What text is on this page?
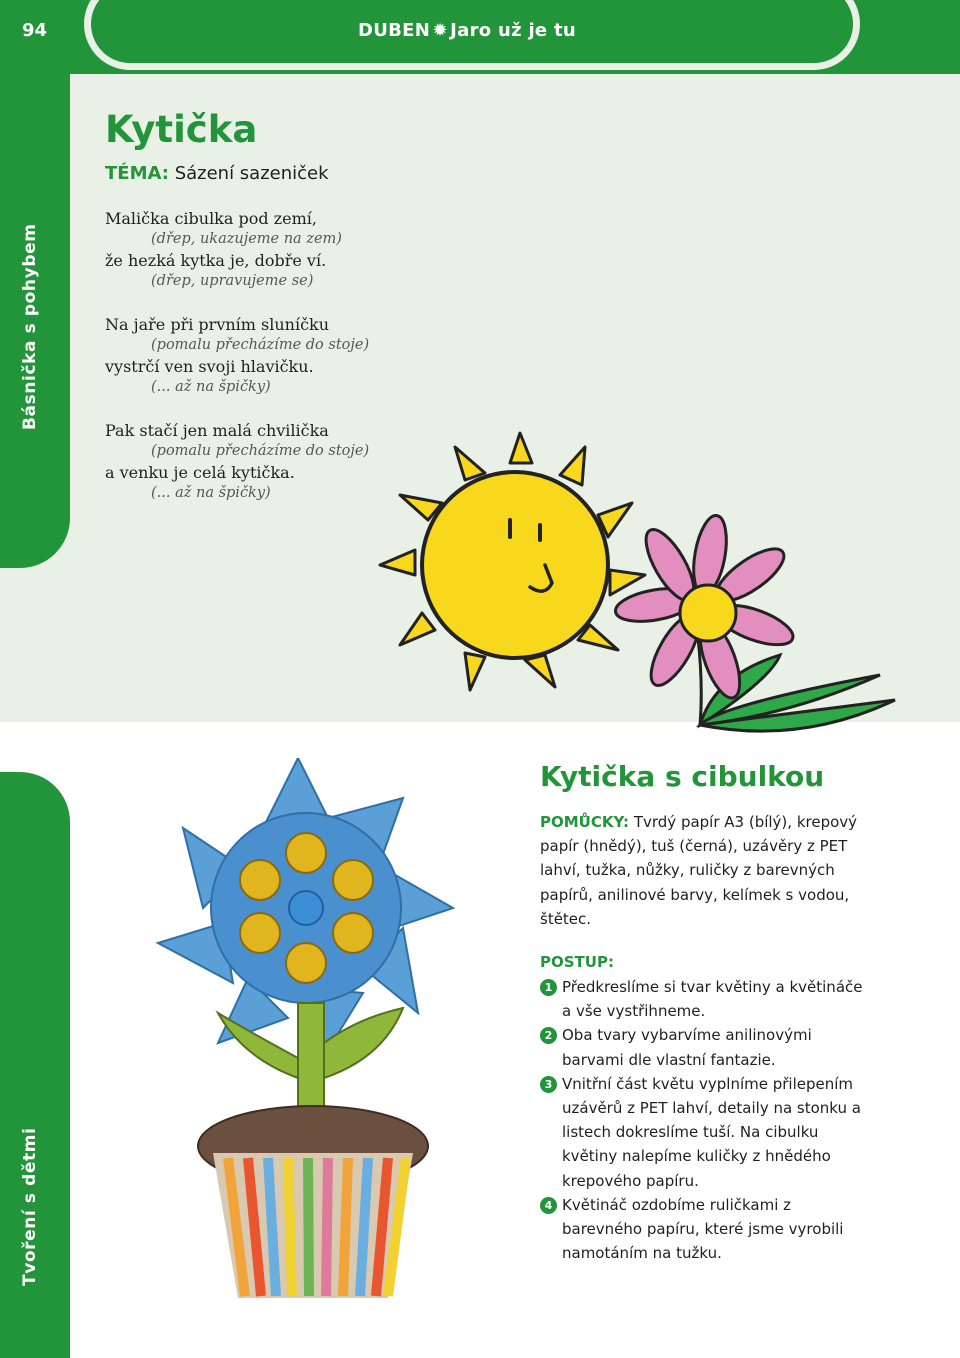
94	DUBEN ✹ Jaro už je tu
Básnička s pohybem
Tvoření s dětmi
Kytička
TÉMA: Sázení sazeniček
Malička cibulka pod zemí,
(dřep, ukazujeme na zem)
že hezká kytka je, dobře ví.
(dřep, upravujeme se)
Na jaře při prvním sluníčku
(pomalu přecházíme do stoje)
vystrčí ven svoji hlavičku.
(... až na špičky)
Pak stačí jen malá chvilička
(pomalu přecházíme do stoje)
a venku je celá kytička.
(... až na špičky)
Kytička s cibulkou
POMŮCKY: Tvrdý papír A3 (bílý), krepový papír (hnědý), tuš (černá), uzávěry z PET lahví, tužka, nůžky, ruličky z barevných papírů, anilinové barvy, kelímek s vodou, štětec.
POSTUP:
1 Předkreslíme si tvar květiny a květináče a vše vystřihneme.
2 Oba tvary vybarvíme anilinovými barvami dle vlastní fantazie.
3 Vnitřní část květu vyplníme přilepením uzávěrů z PET lahví, detaily na stonku a listech dokreslíme tuší. Na cibulku květiny nalepíme kuličky z hnědého krepového papíru.
4 Květináč ozdobíme ruličkami z barevného papíru, které jsme vyrobili namotáním na tužku.
